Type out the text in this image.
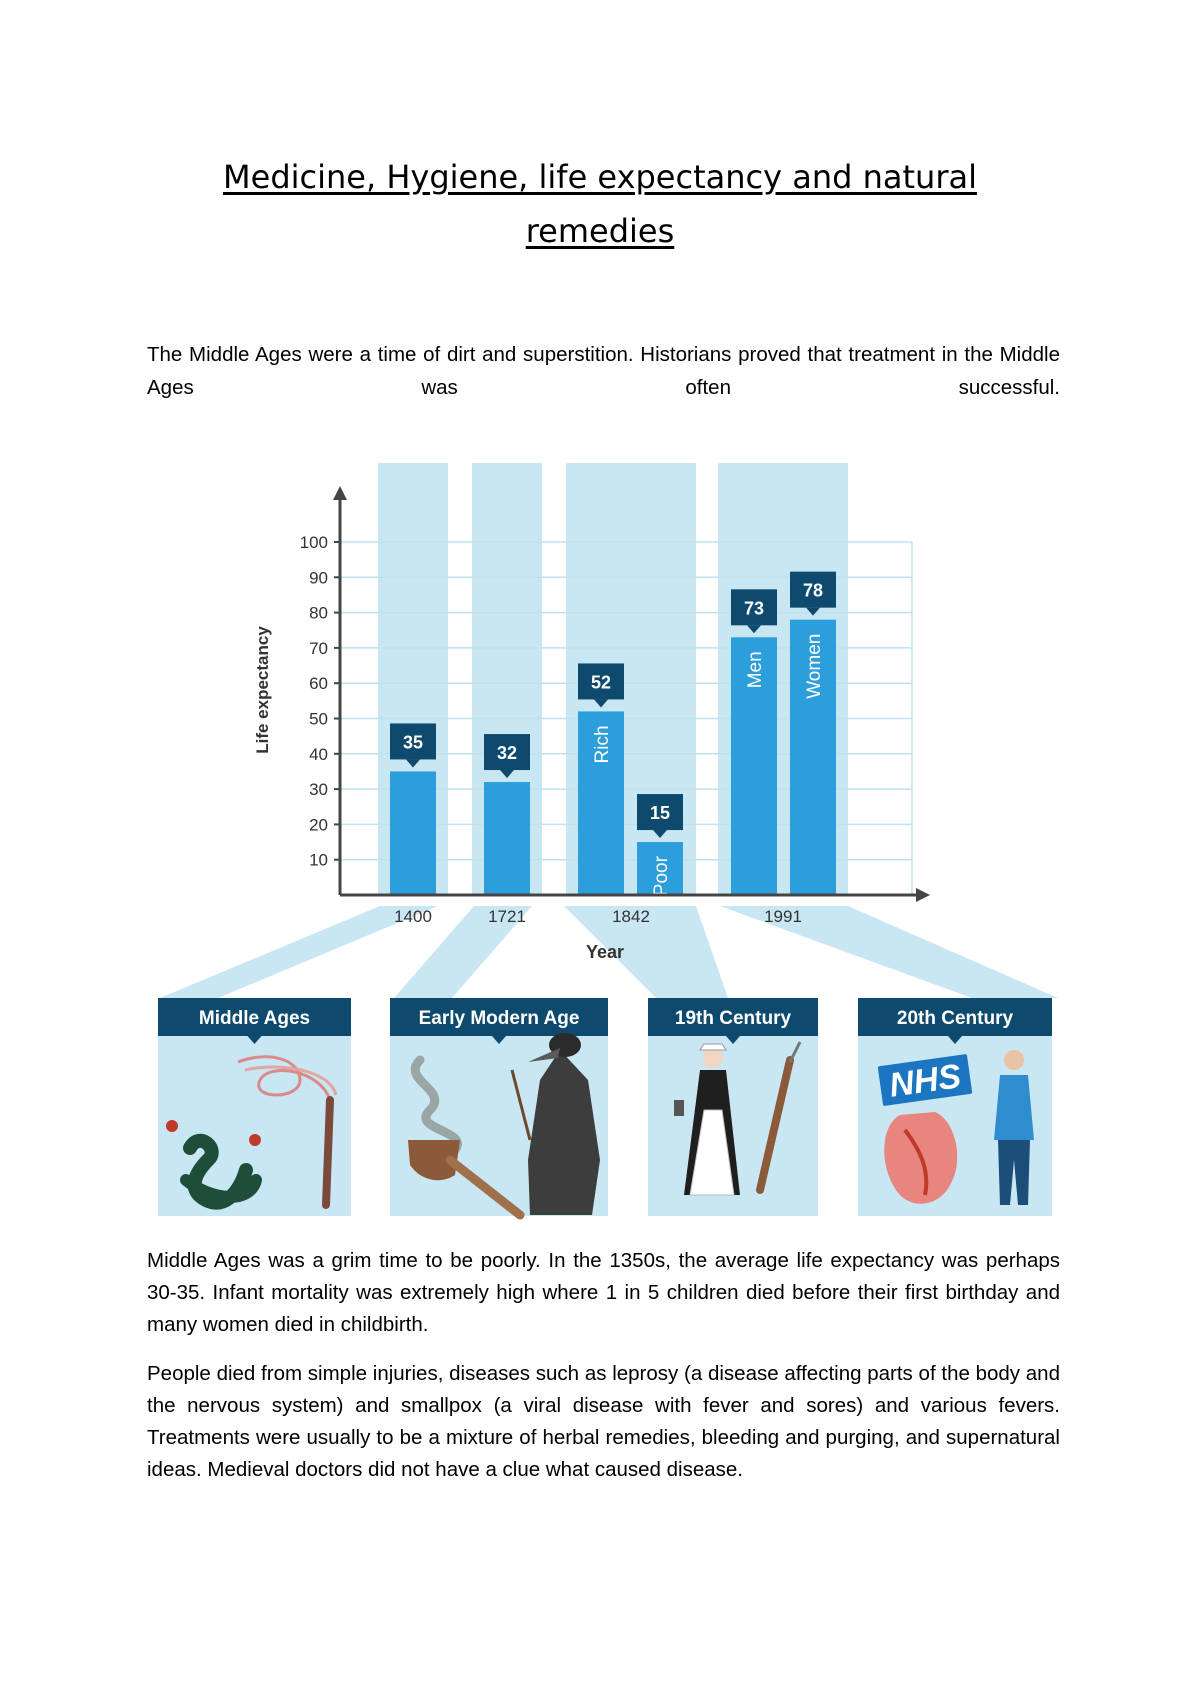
Medicine, Hygiene, life expectancy and natural remedies

The Middle Ages were a time of dirt and superstition. Historians proved that treatment in the Middle Ages was often successful.

35
32
52
Rich
15
Poor
73
Men
78
Women
10
20
30
40
50
60
70
80
90
100
1400	1721	1842	1991
Life expectancy
Year
Middle Ages	Early Modern Age	19th Century	20th Century
NHS

Middle Ages was a grim time to be poorly. In the 1350s, the average life expectancy was perhaps 30-35. Infant mortality was extremely high where 1 in 5 children died before their first birthday and many women died in childbirth.

People died from simple injuries, diseases such as leprosy (a disease affecting parts of the body and the nervous system) and smallpox (a viral disease with fever and sores) and various fevers. Treatments were usually to be a mixture of herbal remedies, bleeding and purging, and supernatural ideas. Medieval doctors did not have a clue what caused disease.
